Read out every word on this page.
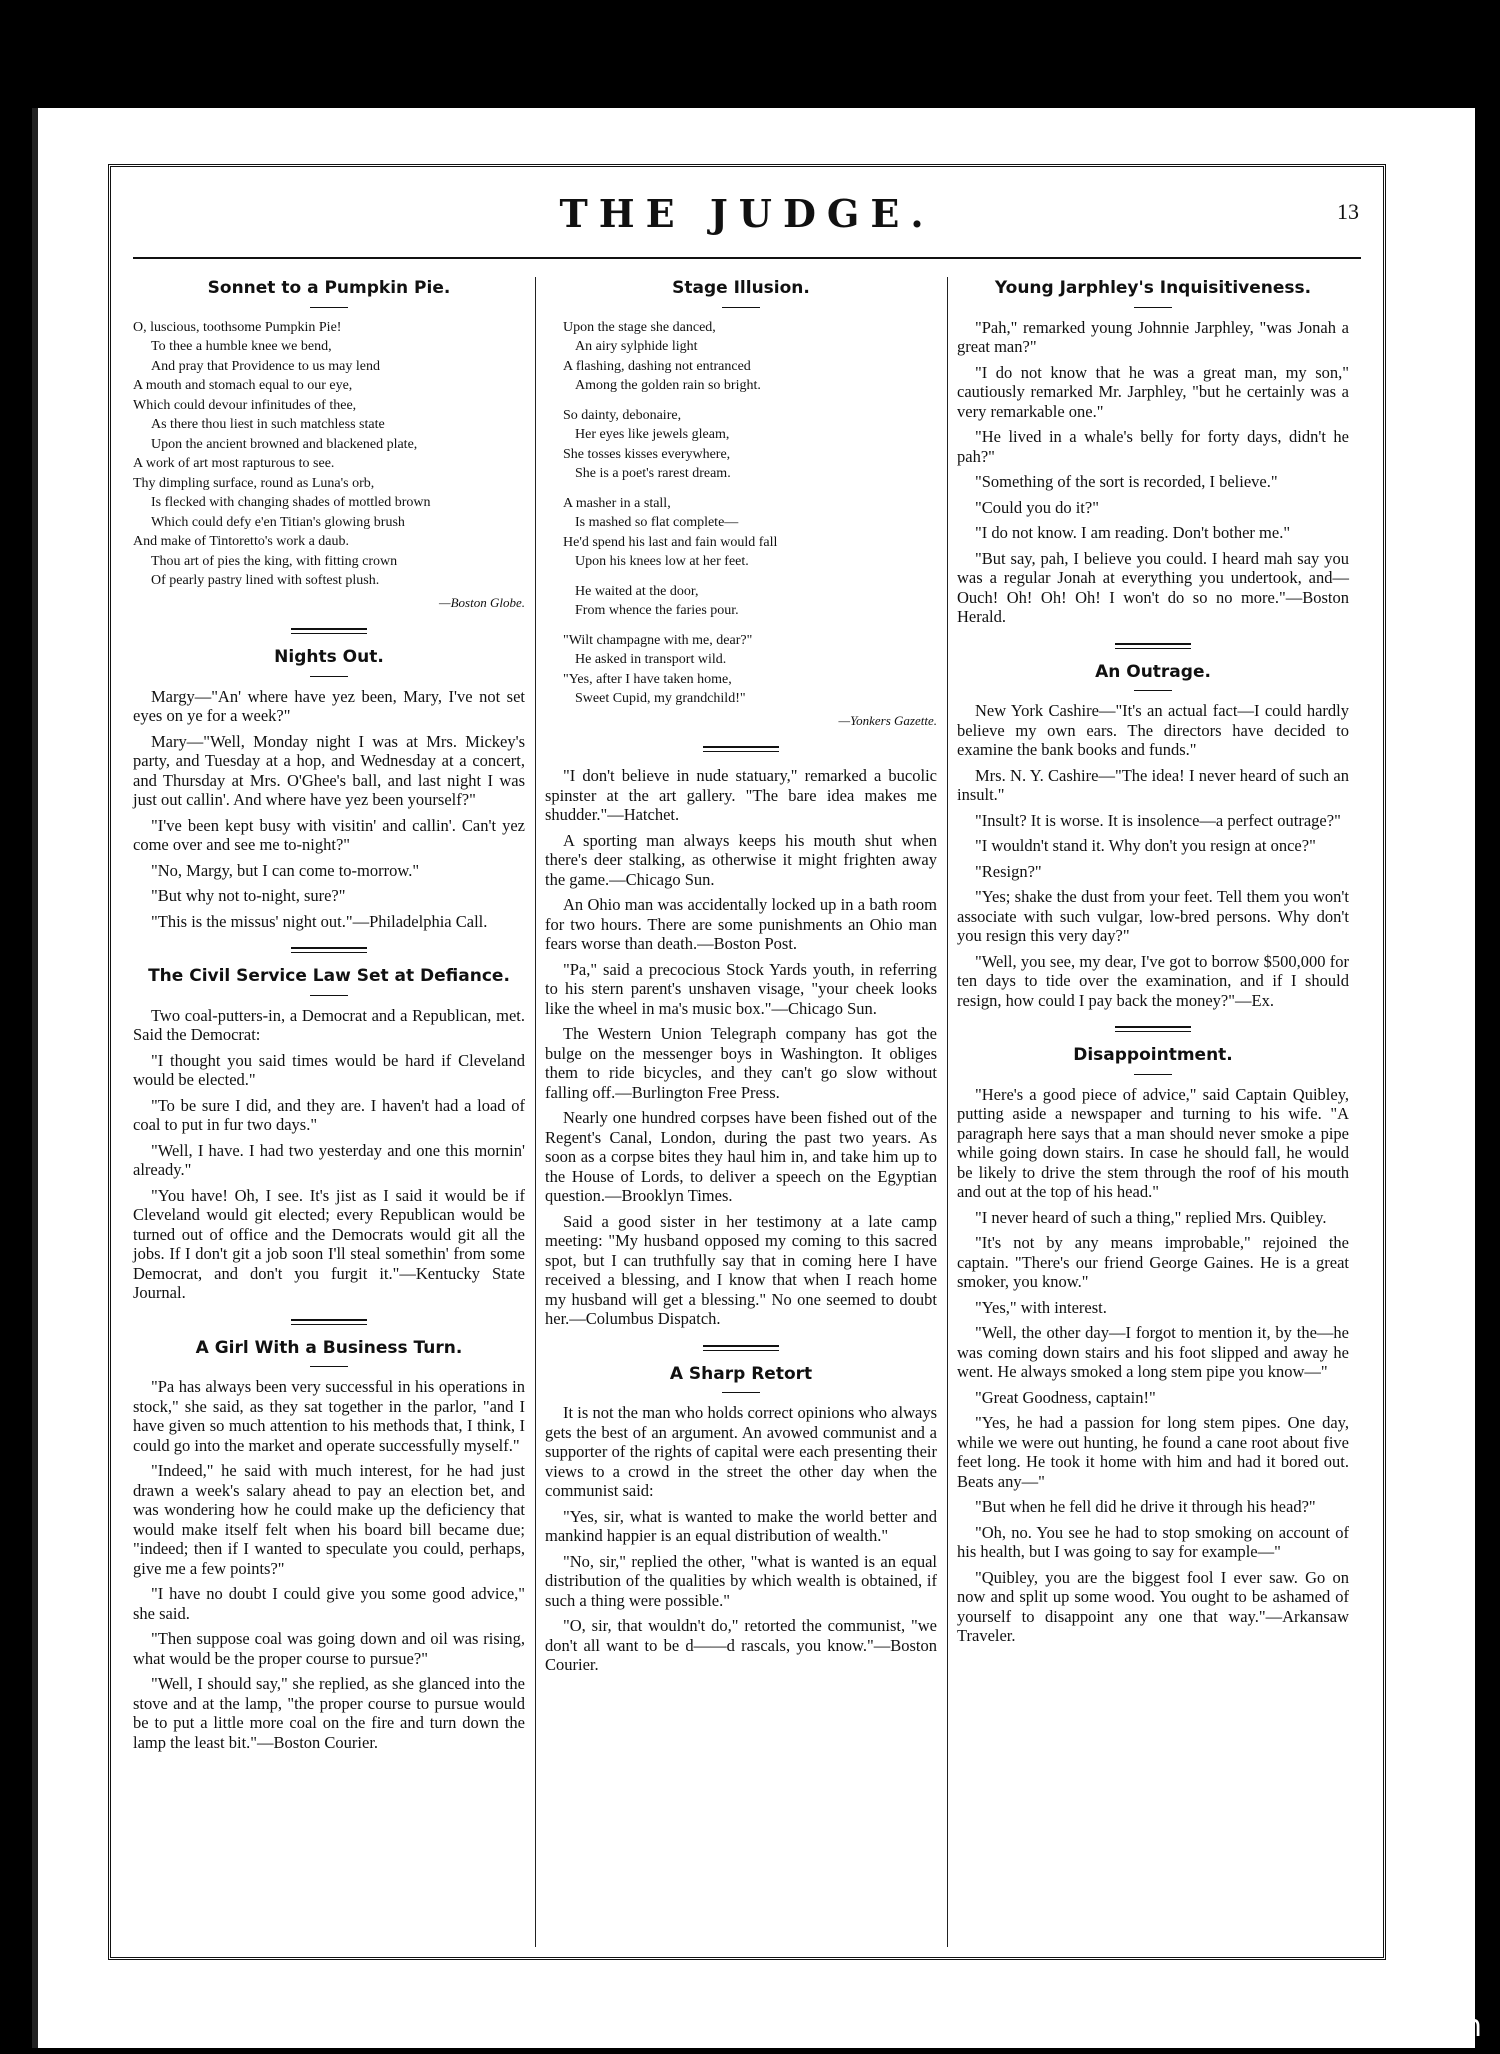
THE JUDGE.	13
Sonnet to a Pumpkin Pie.
O, luscious, toothsome Pumpkin Pie!
To thee a humble knee we bend,
And pray that Providence to us may lend
A mouth and stomach equal to our eye,
Which could devour infinitudes of thee,
As there thou liest in such matchless state
Upon the ancient browned and blackened plate,
A work of art most rapturous to see.
Thy dimpling surface, round as Luna's orb,
Is flecked with changing shades of mottled brown
Which could defy e'en Titian's glowing brush
And make of Tintoretto's work a daub.
Thou art of pies the king, with fitting crown
Of pearly pastry lined with softest plush.
—Boston Globe.
Nights Out.

Margy—"An' where have yez been, Mary, I've not set eyes on ye for a week?"

Mary—"Well, Monday night I was at Mrs. Mickey's party, and Tuesday at a hop, and Wednesday at a concert, and Thursday at Mrs. O'Ghee's ball, and last night I was just out callin'. And where have yez been yourself?"

"I've been kept busy with visitin' and callin'. Can't yez come over and see me to-night?"

"No, Margy, but I can come to-morrow."

"But why not to-night, sure?"

"This is the missus' night out."—Philadelphia Call.

The Civil Service Law Set at Defiance.

Two coal-putters-in, a Democrat and a Republican, met. Said the Democrat:

"I thought you said times would be hard if Cleveland would be elected."

"To be sure I did, and they are. I haven't had a load of coal to put in fur two days."

"Well, I have. I had two yesterday and one this mornin' already."

"You have! Oh, I see. It's jist as I said it would be if Cleveland would git elected; every Republican would be turned out of office and the Democrats would git all the jobs. If I don't git a job soon I'll steal somethin' from some Democrat, and don't you furgit it."—Kentucky State Journal.

A Girl With a Business Turn.

"Pa has always been very successful in his operations in stock," she said, as they sat together in the parlor, "and I have given so much attention to his methods that, I think, I could go into the market and operate successfully myself."

"Indeed," he said with much interest, for he had just drawn a week's salary ahead to pay an election bet, and was wondering how he could make up the deficiency that would make itself felt when his board bill became due; "indeed; then if I wanted to speculate you could, perhaps, give me a few points?"

"I have no doubt I could give you some good advice," she said.

"Then suppose coal was going down and oil was rising, what would be the proper course to pursue?"

"Well, I should say," she replied, as she glanced into the stove and at the lamp, "the proper course to pursue would be to put a little more coal on the fire and turn down the lamp the least bit."—Boston Courier.

Stage Illusion.
Upon the stage she danced,
An airy sylphide light
A flashing, dashing not entranced
Among the golden rain so bright.
So dainty, debonaire,
Her eyes like jewels gleam,
She tosses kisses everywhere,
She is a poet's rarest dream.
A masher in a stall,
Is mashed so flat complete—
He'd spend his last and fain would fall
Upon his knees low at her feet.
He waited at the door,
From whence the faries pour.
"Wilt champagne with me, dear?"
He asked in transport wild.
"Yes, after I have taken home,
Sweet Cupid, my grandchild!"
—Yonkers Gazette.

"I don't believe in nude statuary," remarked a bucolic spinster at the art gallery. "The bare idea makes me shudder."—Hatchet.

A sporting man always keeps his mouth shut when there's deer stalking, as otherwise it might frighten away the game.—Chicago Sun.

An Ohio man was accidentally locked up in a bath room for two hours. There are some punishments an Ohio man fears worse than death.—Boston Post.

"Pa," said a precocious Stock Yards youth, in referring to his stern parent's unshaven visage, "your cheek looks like the wheel in ma's music box."—Chicago Sun.

The Western Union Telegraph company has got the bulge on the messenger boys in Washington. It obliges them to ride bicycles, and they can't go slow without falling off.—Burlington Free Press.

Nearly one hundred corpses have been fished out of the Regent's Canal, London, during the past two years. As soon as a corpse bites they haul him in, and take him up to the House of Lords, to deliver a speech on the Egyptian question.—Brooklyn Times.

Said a good sister in her testimony at a late camp meeting: "My husband opposed my coming to this sacred spot, but I can truthfully say that in coming here I have received a blessing, and I know that when I reach home my husband will get a blessing." No one seemed to doubt her.—Columbus Dispatch.

A Sharp Retort

It is not the man who holds correct opinions who always gets the best of an argument. An avowed communist and a supporter of the rights of capital were each presenting their views to a crowd in the street the other day when the communist said:

"Yes, sir, what is wanted to make the world better and mankind happier is an equal distribution of wealth."

"No, sir," replied the other, "what is wanted is an equal distribution of the qualities by which wealth is obtained, if such a thing were possible."

"O, sir, that wouldn't do," retorted the communist, "we don't all want to be d——d rascals, you know."—Boston Courier.

Young Jarphley's Inquisitiveness.

"Pah," remarked young Johnnie Jarphley, "was Jonah a great man?"

"I do not know that he was a great man, my son," cautiously remarked Mr. Jarphley, "but he certainly was a very remarkable one."

"He lived in a whale's belly for forty days, didn't he pah?"

"Something of the sort is recorded, I believe."

"Could you do it?"

"I do not know. I am reading. Don't bother me."

"But say, pah, I believe you could. I heard mah say you was a regular Jonah at everything you undertook, and—Ouch! Oh! Oh! Oh! I won't do so no more."—Boston Herald.

An Outrage.

New York Cashire—"It's an actual fact—I could hardly believe my own ears. The directors have decided to examine the bank books and funds."

Mrs. N. Y. Cashire—"The idea! I never heard of such an insult."

"Insult? It is worse. It is insolence—a perfect outrage?"

"I wouldn't stand it. Why don't you resign at once?"

"Resign?"

"Yes; shake the dust from your feet. Tell them you won't associate with such vulgar, low-bred persons. Why don't you resign this very day?"

"Well, you see, my dear, I've got to borrow $500,000 for ten days to tide over the examination, and if I should resign, how could I pay back the money?"—Ex.

Disappointment.

"Here's a good piece of advice," said Captain Quibley, putting aside a newspaper and turning to his wife. "A paragraph here says that a man should never smoke a pipe while going down stairs. In case he should fall, he would be likely to drive the stem through the roof of his mouth and out at the top of his head."

"I never heard of such a thing," replied Mrs. Quibley.

"It's not by any means improbable," rejoined the captain. "There's our friend George Gaines. He is a great smoker, you know."

"Yes," with interest.

"Well, the other day—I forgot to mention it, by the—he was coming down stairs and his foot slipped and away he went. He always smoked a long stem pipe you know—"

"Great Goodness, captain!"

"Yes, he had a passion for long stem pipes. One day, while we were out hunting, he found a cane root about five feet long. He took it home with him and had it bored out. Beats any—"

"But when he fell did he drive it through his head?"

"Oh, no. You see he had to stop smoking on account of his health, but I was going to say for example—"

"Quibley, you are the biggest fool I ever saw. Go on now and split up some wood. You ought to be ashamed of yourself to disappoint any one that way."—Arkansaw Traveler.

comicbooks.com
